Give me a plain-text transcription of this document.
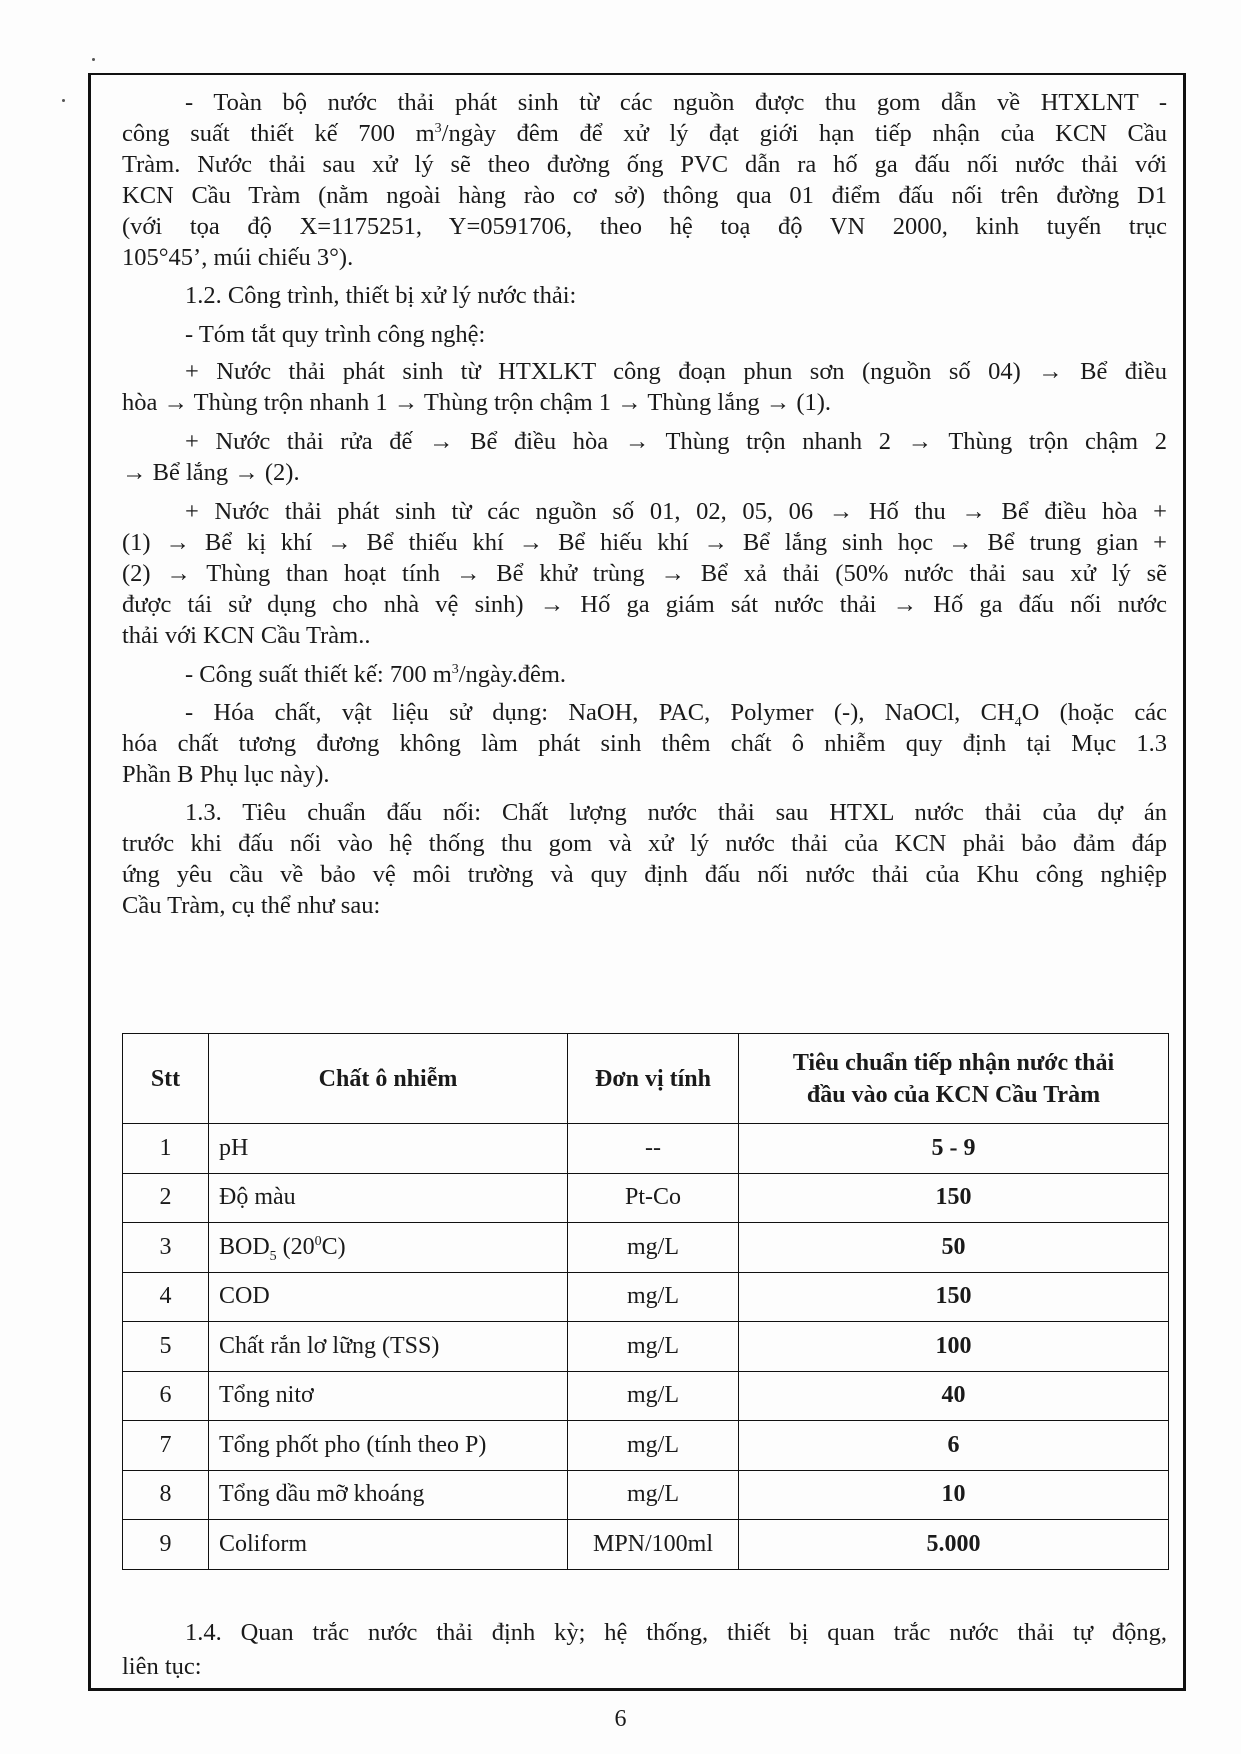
- Toàn bộ nước thải phát sinh từ các nguồn được thu gom dẫn về HTXLNT -
công suất thiết kế 700 $m^3$/ngày đêm để xử lý đạt giới hạn tiếp nhận của KCN Cầu
Tràm. Nước thải sau xử lý sẽ theo đường ống PVC dẫn ra hố ga đấu nối nước thải với
KCN Cầu Tràm (nằm ngoài hàng rào cơ sở) thông qua 01 điểm đấu nối trên đường D1
(với tọa độ X=1175251, Y=0591706, theo hệ toạ độ VN 2000, kinh tuyến trục
105°45’, múi chiếu 3°).
1.2. Công trình, thiết bị xử lý nước thải:
- Tóm tắt quy trình công nghệ:
+ Nước thải phát sinh từ HTXLKT công đoạn phun sơn (nguồn số 04) → Bể điều
hòa → Thùng trộn nhanh 1 → Thùng trộn chậm 1 → Thùng lắng → (1).
+ Nước thải rửa đế → Bể điều hòa → Thùng trộn nhanh 2 → Thùng trộn chậm 2
→ Bể lắng → (2).
+ Nước thải phát sinh từ các nguồn số 01, 02, 05, 06 → Hố thu → Bể điều hòa +
(1) → Bể kị khí → Bể thiếu khí → Bể hiếu khí → Bể lắng sinh học → Bể trung gian +
(2) → Thùng than hoạt tính → Bể khử trùng → Bể xả thải (50% nước thải sau xử lý sẽ
được tái sử dụng cho nhà vệ sinh) → Hố ga giám sát nước thải → Hố ga đấu nối nước
thải với KCN Cầu Tràm..
- Công suất thiết kế: 700 $m^3/ngày.đêm$.
- Hóa chất, vật liệu sử dụng: NaOH, PAC, Polymer (-), NaOCl, $CH_4O$ (hoặc các
hóa chất tương đương không làm phát sinh thêm chất ô nhiễm quy định tại Mục 1.3
Phần B Phụ lục này).
1.3. Tiêu chuẩn đấu nối: Chất lượng nước thải sau HTXL nước thải của dự án
trước khi đấu nối vào hệ thống thu gom và xử lý nước thải của KCN phải bảo đảm đáp
ứng yêu cầu về bảo vệ môi trường và quy định đấu nối nước thải của Khu công nghiệp
Cầu Tràm, cụ thể như sau:
Stt	Chất ô nhiễm	Đơn vị tính	Tiêu chuẩn tiếp nhận nước thải
đầu vào của KCN Cầu Tràm
1	pH	--	5 - 9
2	Độ màu	Pt-Co	150
3	$BOD_5$ $(20^0C)$	mg/L	50
4	COD	mg/L	150
5	Chất rắn lơ lững (TSS)	mg/L	100
6	Tổng nitơ	mg/L	40
7	Tổng phốt pho (tính theo P)	mg/L	6
8	Tổng dầu mỡ khoáng	mg/L	10
9	Coliform	MPN/100ml	5.000
1.4. Quan trắc nước thải định kỳ; hệ thống, thiết bị quan trắc nước thải tự động,
liên tục:
6
